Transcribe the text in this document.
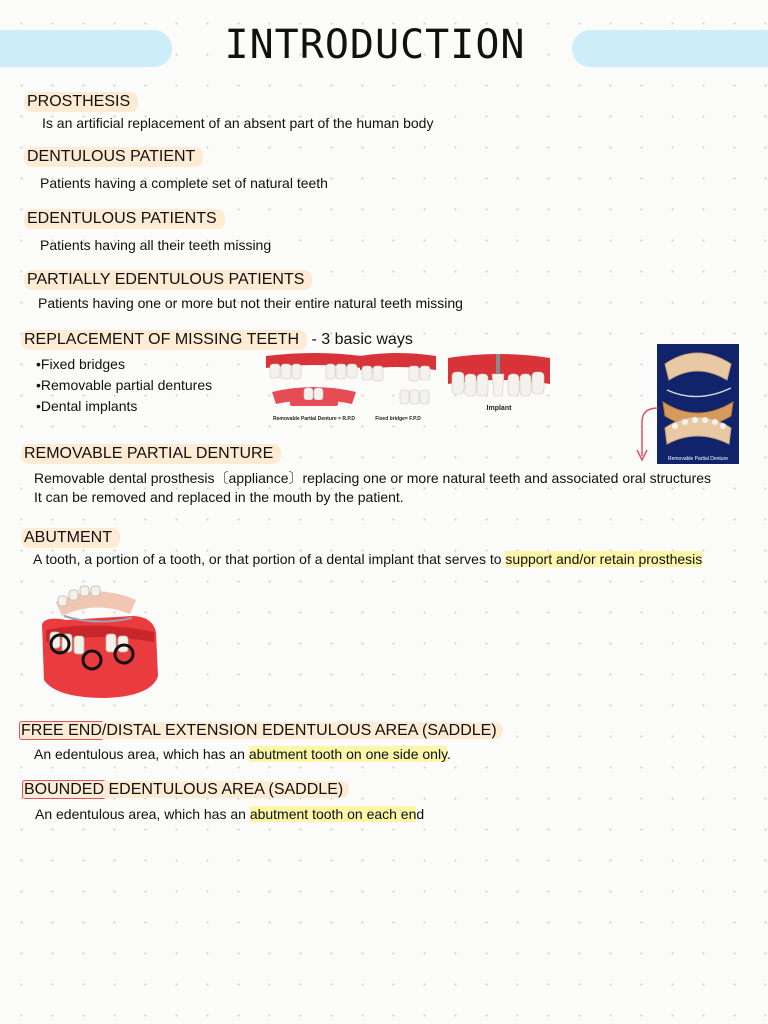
INTRODUCTION
PROSTHESIS
Is an artificial replacement of an absent part of the human body
DENTULOUS PATIENT
Patients having a complete set of natural teeth
EDENTULOUS PATIENTS
Patients having all their teeth missing
PARTIALLY EDENTULOUS PATIENTS
Patients having one or more but not their entire natural teeth missing
REPLACEMENT OF MISSING TEETH - 3 basic ways
•Fixed bridges
•Removable partial dentures
•Dental implants
Removable Partial Denture = R.P.D	Fixed bridge= F.P.D
Implant
Removable Partial Denture
REMOVABLE PARTIAL DENTURE
Removable dental prosthesis〔appliance〕replacing one or more natural teeth and associated oral structures
It can be removed and replaced in the mouth by the patient.
ABUTMENT
A tooth, a portion of a tooth, or that portion of a dental implant that serves to support and/or retain prosthesis
FREE END/DISTAL EXTENSION EDENTULOUS AREA (SADDLE)
An edentulous area, which has an abutment tooth on one side only.
BOUNDED EDENTULOUS AREA (SADDLE)
An edentulous area, which has an abutment tooth on each end
